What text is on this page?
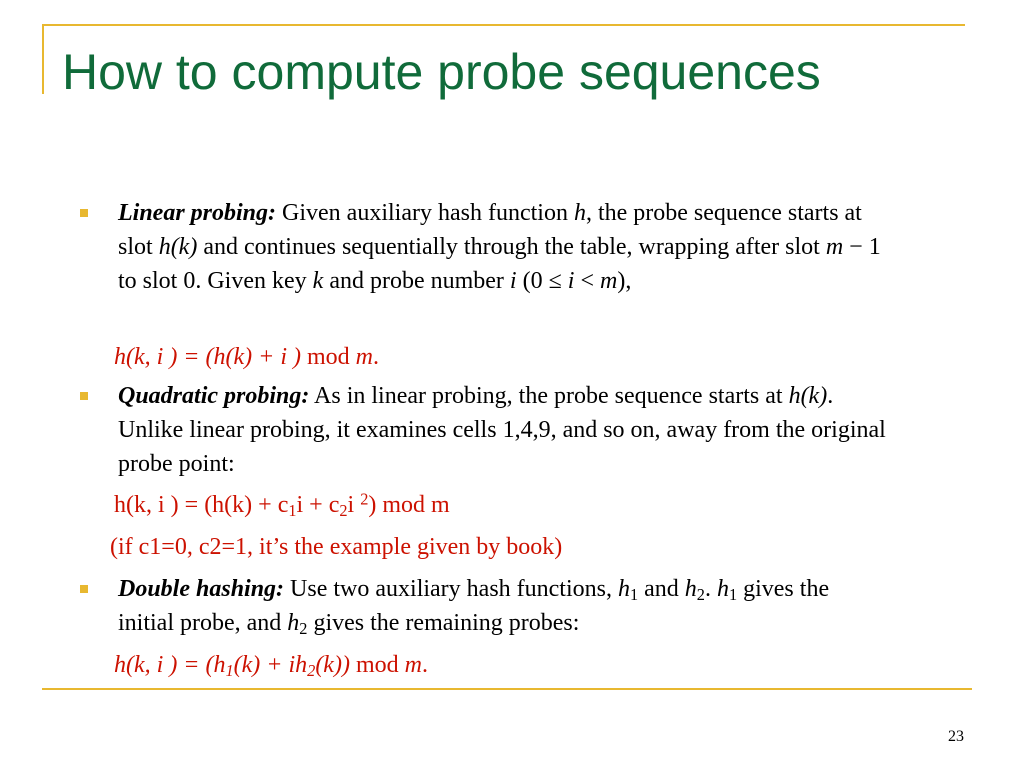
How to compute probe sequences
Linear probing: Given auxiliary hash function h, the probe sequence starts at slot h(k) and continues sequentially through the table, wrapping after slot m − 1 to slot 0. Given key k and probe number i (0 ≤ i < m),
h(k, i ) = (h(k) + i ) mod m.
Quadratic probing: As in linear probing, the probe sequence starts at h(k). Unlike linear probing, it examines cells 1,4,9, and so on, away from the original probe point:
h(k, i ) = ($h(k) + c_1i + c_2i$ $^2$) mod m
(if c1=0, c2=1, it’s the example given by book)
Double hashing: Use two auxiliary hash functions, $h_1$ and $h_2$. $h_1$ gives the initial probe, and $h_2$ gives the remaining probes:
h(k, i ) = $(h_1(k) + ih_2(k))$ mod m.
23
